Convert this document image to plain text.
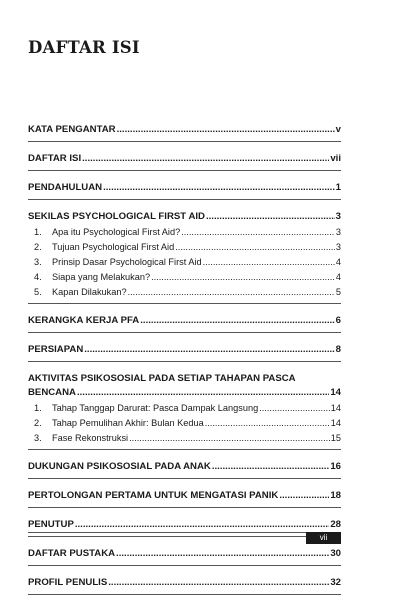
DAFTAR ISI
KATA PENGANTAR .....	v
DAFTAR ISI .....	vii
PENDAHULUAN .....	1
SEKILAS PSYCHOLOGICAL FIRST AID .....	3
1. Apa itu Psychological First Aid? .....	3
2. Tujuan Psychological First Aid .....	3
3. Prinsip Dasar Psychological First Aid .....	4
4. Siapa yang Melakukan? .....	4
5. Kapan Dilakukan? .....	5
KERANGKA KERJA PFA .....	6
PERSIAPAN .....	8
AKTIVITAS PSIKOSOSIAL PADA SETIAP TAHAPAN PASCA
BENCANA .....	14
1. Tahap Tanggap Darurat: Pasca Dampak Langsung .....	14
2. Tahap Pemulihan Akhir: Bulan Kedua .....	14
3. Fase Rekonstruksi .....	15
DUKUNGAN PSIKOSOSIAL PADA ANAK .....	16
PERTOLONGAN PERTAMA UNTUK MENGATASI PANIK .....	18
PENUTUP .....	28
DAFTAR PUSTAKA .....	30
PROFIL PENULIS .....	32
vii
